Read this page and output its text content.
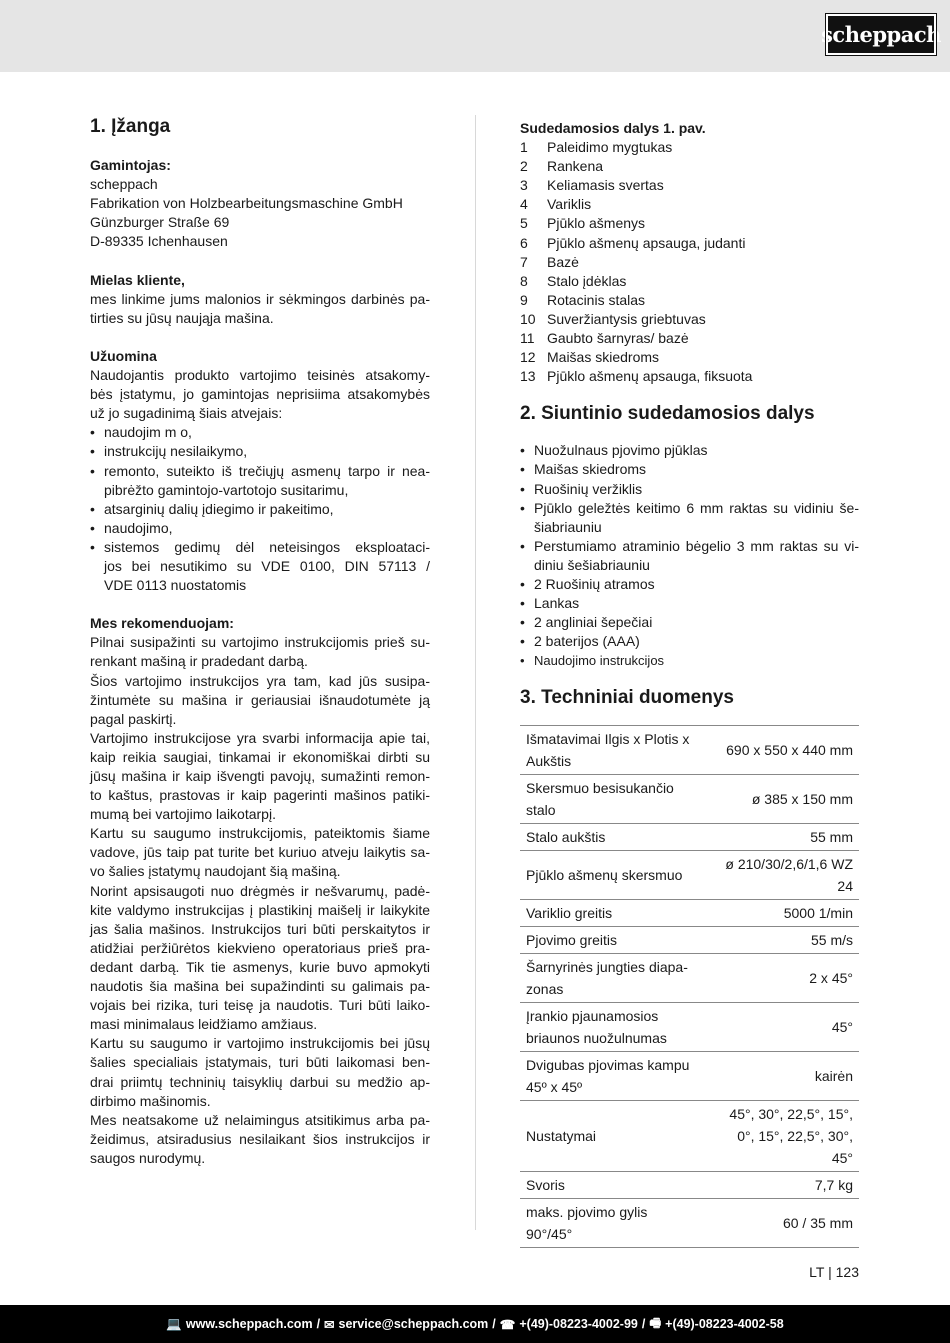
scheppach
1. Įžanga
Gamintojas:
scheppach
Fabrikation von Holzbearbeitungsmaschine GmbH
Günzburger Straße 69
D-89335 Ichenhausen
Mielas kliente,
mes linkime jums malonios ir sėkmingos darbinės pa-
tirties su jūsų naująja mašina.
Užuomina
Naudojantis produkto vartojimo teisinės atsakomy-
bės įstatymu, jo gamintojas neprisiima atsakomybės
už jo sugadinimą šiais atvejais:
• naudojim m o,
• instrukcijų nesilaikymo,
• remonto, suteikto iš trečiųjų asmenų tarpo ir nea-
pibrėžto gamintojo-vartotojo susitarimu,
• atsarginių dalių įdiegimo ir pakeitimo,
• naudojimo,
• sistemos gedimų dėl neteisingos eksploataci-
jos bei nesutikimo su VDE 0100, DIN 57113 /
VDE 0113 nuostatomis
Mes rekomenduojam:
Pilnai susipažinti su vartojimo instrukcijomis prieš su-
renkant mašiną ir pradedant darbą.
Šios vartojimo instrukcijos yra tam, kad jūs susipa-
žintumėte su mašina ir geriausiai išnaudotumėte ją
pagal paskirtį.
Vartojimo instrukcijose yra svarbi informacija apie tai,
kaip reikia saugiai, tinkamai ir ekonomiškai dirbti su
jūsų mašina ir kaip išvengti pavojų, sumažinti remon-
to kaštus, prastovas ir kaip pagerinti mašinos patiki-
mumą bei vartojimo laikotarpį.
Kartu su saugumo instrukcijomis, pateiktomis šiame
vadove, jūs taip pat turite bet kuriuo atveju laikytis sa-
vo šalies įstatymų naudojant šią mašiną.
Norint apsisaugoti nuo drėgmės ir nešvarumų, padė-
kite valdymo instrukcijas į plastikinį maišelį ir laikykite
jas šalia mašinos. Instrukcijos turi būti perskaitytos ir
atidžiai peržiūrėtos kiekvieno operatoriaus prieš pra-
dedant darbą. Tik tie asmenys, kurie buvo apmokyti
naudotis šia mašina bei supažindinti su galimais pa-
vojais bei rizika, turi teisę ja naudotis. Turi būti laiko-
masi minimalaus leidžiamo amžiaus.
Kartu su saugumo ir vartojimo instrukcijomis bei jūsų
šalies specialiais įstatymais, turi būti laikomasi ben-
drai priimtų techninių taisyklių darbui su medžio ap-
dirbimo mašinomis.
Mes neatsakome už nelaimingus atsitikimus arba pa-
žeidimus, atsiradusius nesilaikant šios instrukcijos ir
saugos nurodymų.
Sudedamosios dalys 1. pav.
1	Paleidimo mygtukas
2	Rankena
3	Keliamasis svertas
4	Variklis
5	Pjūklo ašmenys
6	Pjūklo ašmenų apsauga, judanti
7	Bazė
8	Stalo įdėklas
9	Rotacinis stalas
10 Suveržiantysis griebtuvas
11 Gaubto šarnyras/ bazė
12 Maišas skiedroms
13 Pjūklo ašmenų apsauga, fiksuota
2. Siuntinio sudedamosios dalys
• Nuožulnaus pjovimo pjūklas
• Maišas skiedroms
• Ruošinių veržiklis
• Pjūklo geležtės keitimo 6 mm raktas su vidiniu še-
šiabriauniu
• Perstumiamo atraminio bėgelio 3 mm raktas su vi-
diniu šešiabriauniu
• 2 Ruošinių atramos
• Lankas
• 2 angliniai šepečiai
• 2 baterijos (AAA)
• Naudojimo instrukcijos
3. Techniniai duomenys
Išmatavimai Ilgis x Plotis x
Aukštis	690 x 550 x 440 mm
Skersmuo besisukančio
stalo	ø 385 x 150 mm
Stalo aukštis	55 mm
Pjūklo ašmenų skersmuo	ø 210/30/2,6/1,6 WZ
24
Variklio greitis	5000 1/min
Pjovimo greitis	55 m/s
Šarnyrinės jungties diapa-
zonas	2 x 45°
Įrankio pjaunamosios
briaunos nuožulnumas	45°
Dvigubas pjovimas kampu
45º x 45º	kairėn
Nustatymai	45°, 30°, 22,5°, 15°,
0°, 15°, 22,5°, 30°,
45°
Svoris	7,7 kg
maks. pjovimo gylis
90°/45°	60 / 35 mm
LT | 123
💻 www.scheppach.com / ✉ service@scheppach.com / ☎ +(49)-08223-4002-99 / 🖷 +(49)-08223-4002-58
